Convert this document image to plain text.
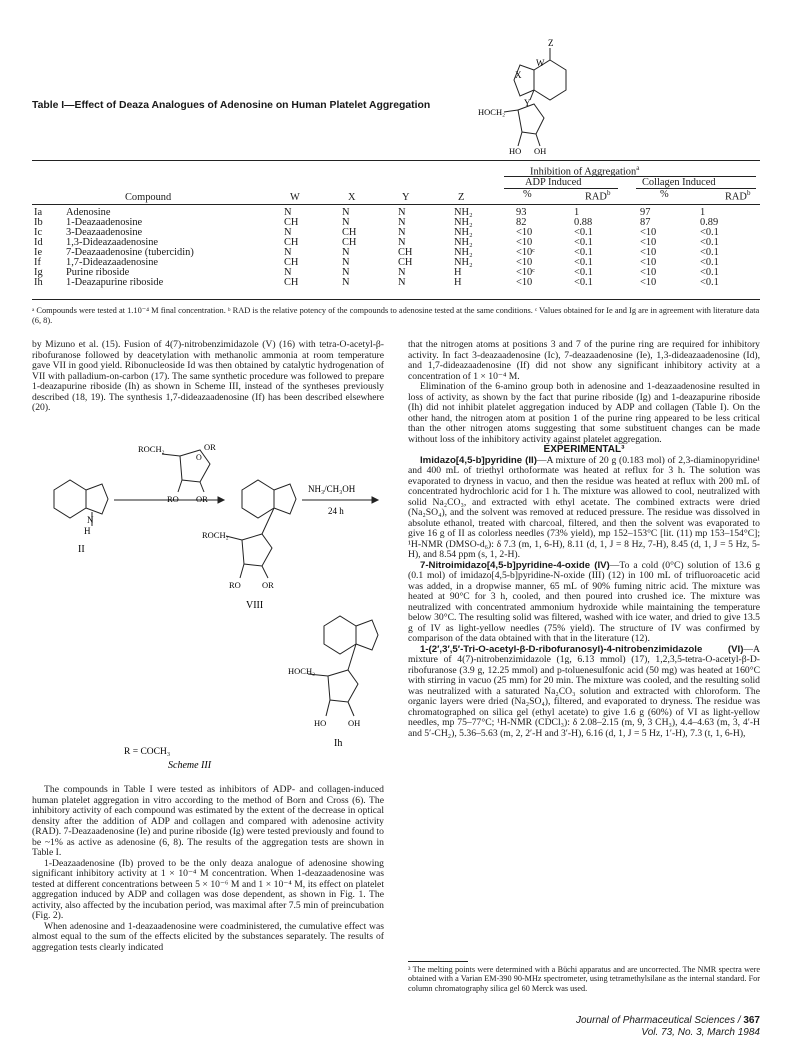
Table I—Effect of Deaza Analogues of Adenosine on Human Platelet Aggregation
Z
X
W
Y
HOCH₂
HO OH
Inhibition of Aggregation$^a$
ADP Induced	Collagen Induced
Compound	W	X	Y	Z	%	RAD$^b$	%	RAD$^b$
Ia	Adenosine	N	N	N	NH₂	93	1	97	1
Ib	1-Deazaadenosine	CH	N	N	NH₂	82	0.88	87	0.89
Ic	3-Deazaadenosine	N	CH	N	NH₂	<10	<0.1	<10	<0.1
Id	1,3-Dideazaadenosine	CH	CH	N	NH₂	<10	<0.1	<10	<0.1
Ie	7-Deazaadenosine (tubercidin)	N	N	CH	NH₂	<10ᶜ	<0.1	<10	<0.1
If	1,7-Dideazaadenosine	CH	N	CH	NH₂	<10	<0.1	<10	<0.1
Ig	Purine riboside	N	N	N	H	<10ᶜ	<0.1	<10	<0.1
Ih	1-Deazapurine riboside	CH	N	N	H	<10	<0.1	<10	<0.1
ᵃ Compounds were tested at 1.10⁻⁴ M final concentration. ᵇ RAD is the relative potency of the compounds to adenosine tested at the same conditions. ᶜ Values obtained for Ie and Ig are in agreement with literature data (6, 8).

by Mizuno et al. (15). Fusion of 4(7)-nitrobenzimidazole (V) (16) with tetra-O-acetyl-β-ribofuranose followed by deacetylation with methanolic ammonia at room temperature gave VII in good yield. Ribonucleoside Id was then obtained by catalytic hydrogenation of VII with palladium-on-carbon (17). The same synthetic procedure was followed to prepare 1-deazapurine riboside (Ih) as shown in Scheme III, instead of the syntheses previously described (18, 19). The synthesis 1,7-dideazaadenosine (If) has been described elsewhere (20).

H
N
II
ROCH₂	OR
RO OR
O
NH₃/CH₃OH
24 h
ROCH₂
RO OR
VIII
HOCH₂
HO	OH
Ih
R = COCH₃
Scheme III

The compounds in Table I were tested as inhibitors of ADP- and collagen-induced human platelet aggregation in vitro according to the method of Born and Cross (6). The inhibitory activity of each compound was estimated by the extent of the decrease in optical density after the addition of ADP and collagen and compared with adenosine activity (RAD). 7-Deazaadenosine (Ie) and purine riboside (Ig) were tested previously and found to be ~1% as active as adenosine (6, 8). The results of the aggregation tests are shown in Table I.

1-Deazaadenosine (Ib) proved to be the only deaza analogue of adenosine showing significant inhibitory activity at 1 × 10⁻⁴ M concentration. When 1-deazaadenosine was tested at different concentrations between 5 × 10⁻⁶ M and 1 × 10⁻⁴ M, its effect on platelet aggregation induced by ADP and collagen was dose dependent, as shown in Fig. 1. The activity, also affected by the incubation period, was maximal after 7.5 min of preincubation (Fig. 2).

When adenosine and 1-deazaadenosine were coadministered, the cumulative effect was almost equal to the sum of the effects elicited by the substances separately. The results of aggregation tests clearly indicated

that the nitrogen atoms at positions 3 and 7 of the purine ring are required for inhibitory activity. In fact 3-deazaadenosine (Ic), 7-deazaadenosine (Ie), 1,3-dideazaadenosine (Id), and 1,7-dideazaadenosine (If) did not show any significant inhibitory activity at a concentration of 1 × 10⁻⁴ M.

Elimination of the 6-amino group both in adenosine and 1-deazaadenosine resulted in loss of activity, as shown by the fact that purine riboside (Ig) and 1-deazapurine riboside (Ih) did not inhibit platelet aggregation induced by ADP and collagen (Table I). On the other hand, the nitrogen atom at position 1 of the purine ring appeared to be less critical than the other nitrogen atoms suggesting that some substituent changes can be made without loss of the inhibitory activity against platelet aggregation.

EXPERIMENTAL³

Imidazo[4,5-b]pyridine (II)—A mixture of 20 g (0.183 mol) of 2,3-diaminopyridine¹ and 400 mL of triethyl orthoformate was heated at reflux for 3 h. The solution was evaporated to dryness in vacuo, and then the residue was heated at reflux with 200 mL of concentrated hydrochloric acid for 1 h. The mixture was allowed to cool, neutralized with solid Na₂CO₃, and extracted with ethyl acetate. The combined extracts were dried (Na₂SO₄), and the solvent was removed at reduced pressure. The residue was dissolved in absolute ethanol, treated with charcoal, filtered, and then the solvent was evaporated to give 16 g of II as colorless needles (73% yield), mp 152–153°C [lit. (11) mp 153–154°C]; ¹H-NMR (DMSO-d₆): δ 7.3 (m, 1, 6-H), 8.11 (d, 1, J = 8 Hz, 7-H), 8.45 (d, 1, J = 5 Hz, 5-H), and 8.54 ppm (s, 1, 2-H).

7-Nitroimidazo[4,5-b]pyridine-4-oxide (IV)—To a cold (0°C) solution of 13.6 g (0.1 mol) of imidazo[4,5-b]pyridine-N-oxide (III) (12) in 100 mL of trifluoroacetic acid was added, in a dropwise manner, 65 mL of 90% fuming nitric acid. The mixture was heated at 90°C for 3 h, cooled, and then poured into crushed ice. The mixture was neutralized with concentrated ammonium hydroxide while maintaining the temperature below 30°C. The resulting solid was filtered, washed with ice water, and dried to give 13.5 g of IV as light-yellow needles (75% yield). The structure of IV was confirmed by comparison of the data obtained with that in the literature (12).

1-(2′,3′,5′-Tri-O-acetyl-β-D-ribofuranosyl)-4-nitrobenzimidazole (VI)—A mixture of 4(7)-nitrobenzimidazole (1g, 6.13 mmol) (17), 1,2,3,5-tetra-O-acetyl-β-D-ribofuranose (3.9 g, 12.25 mmol) and p-toluenesulfonic acid (50 mg) was heated at 160°C with stirring in vacuo (25 mm) for 20 min. The mixture was cooled, and the resulting solid was neutralized with a saturated Na₂CO₃ solution and extracted with chloroform. The organic layers were dried (Na₂SO₄), filtered, and evaporated to dryness. The residue was chromatographed on silica gel (ethyl acetate) to give 1.6 g (60%) of VI as light-yellow needles, mp 75–77°C; ¹H-NMR (CDCl₃): δ 2.08–2.15 (m, 9, 3 CH₃), 4.4–4.63 (m, 3, 4′-H and 5′-CH₂), 5.36–5.63 (m, 2, 2′-H and 3′-H), 6.16 (d, 1, J = 5 Hz, 1′-H), 7.3 (t, 1, 6-H),

³ The melting points were determined with a Büchi apparatus and are uncorrected. The NMR spectra were obtained with a Varian EM-390 90-MHz spectrometer, using tetramethylsilane as the internal standard. For column chromatography silica gel 60 Merck was used.
Journal of Pharmaceutical Sciences / 367
Vol. 73, No. 3, March 1984
